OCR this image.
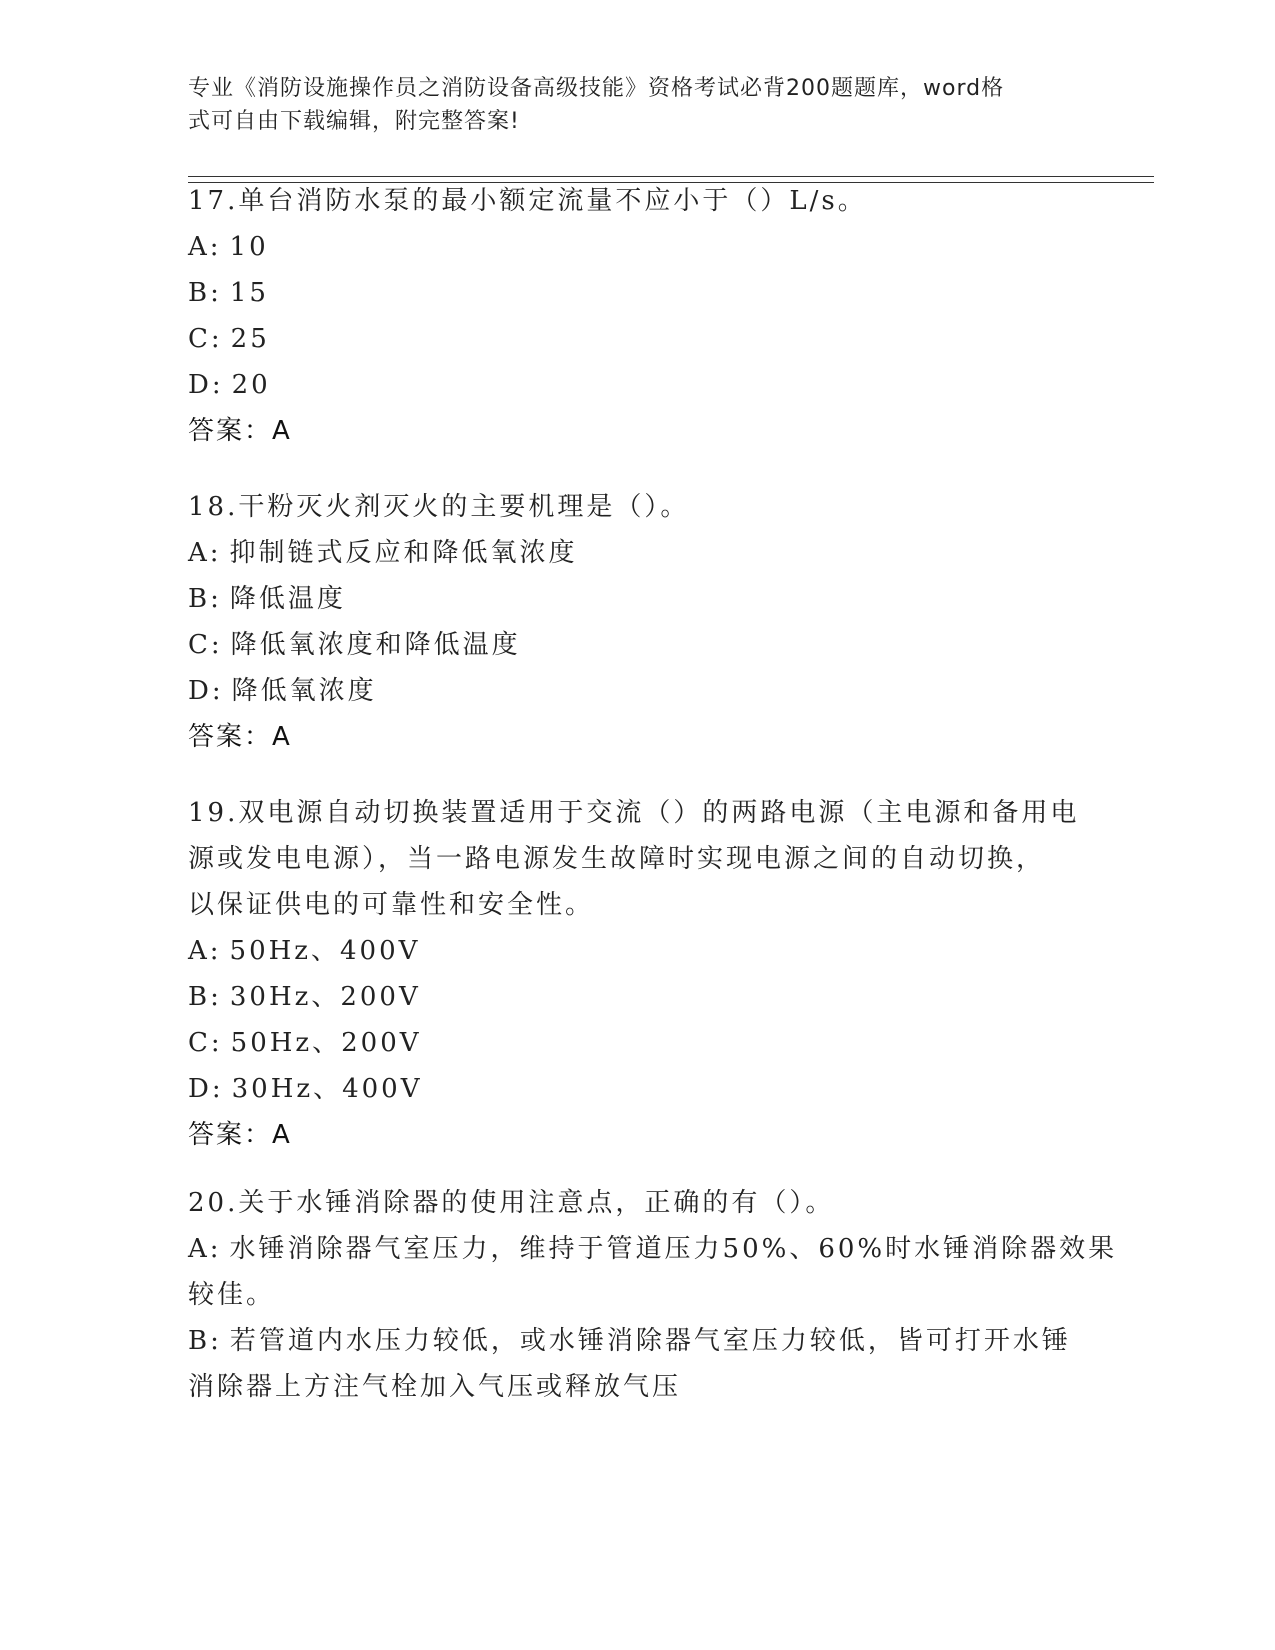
专业《消防设施操作员之消防设备高级技能》资格考试必背200题题库，word格
式可自由下载编辑，附完整答案!
17.单台消防水泵的最小额定流量不应小于（）L/s。
A: 10
B: 15
C: 25
D: 20
答案：A
18.干粉灭火剂灭火的主要机理是（）。
A: 抑制链式反应和降低氧浓度
B: 降低温度
C: 降低氧浓度和降低温度
D: 降低氧浓度
答案：A
19.双电源自动切换装置适用于交流（）的两路电源（主电源和备用电
源或发电电源），当一路电源发生故障时实现电源之间的自动切换，
以保证供电的可靠性和安全性。
A: 50Hz、400V
B: 30Hz、200V
C: 50Hz、200V
D: 30Hz、400V
答案：A
20.关于水锤消除器的使用注意点，正确的有（）。
A: 水锤消除器气室压力，维持于管道压力50%、60%时水锤消除器效果
较佳。
B: 若管道内水压力较低，或水锤消除器气室压力较低，皆可打开水锤
消除器上方注气栓加入气压或释放气压
